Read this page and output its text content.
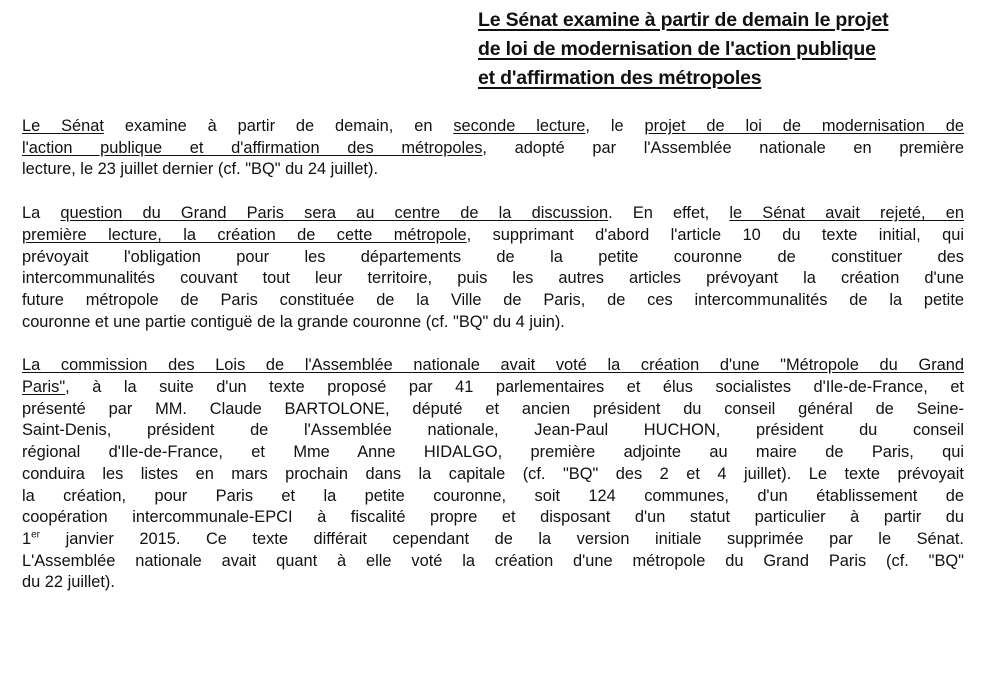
Le Sénat examine à partir de demain le projet
de loi de modernisation de l'action publique
et d'affirmation des métropoles

Le Sénat examine à partir de demain, en seconde lecture, le projet de loi de modernisation de
l'action publique et d'affirmation des métropoles, adopté par l'Assemblée nationale en première
lecture, le 23 juillet dernier (cf. "BQ" du 24 juillet).

La question du Grand Paris sera au centre de la discussion. En effet, le Sénat avait rejeté, en
première lecture, la création de cette métropole, supprimant d'abord l'article 10 du texte initial, qui
prévoyait l'obligation pour les départements de la petite couronne de constituer des
intercommunalités couvant tout leur territoire, puis les autres articles prévoyant la création d'une
future métropole de Paris constituée de la Ville de Paris, de ces intercommunalités de la petite
couronne et une partie contiguë de la grande couronne (cf. "BQ" du 4 juin).

La commission des Lois de l'Assemblée nationale avait voté la création d'une "Métropole du Grand
Paris", à la suite d'un texte proposé par 41 parlementaires et élus socialistes d'Ile-de-France, et
présenté par MM. Claude BARTOLONE, député et ancien président du conseil général de Seine-
Saint-Denis, président de l'Assemblée nationale, Jean-Paul HUCHON, président du conseil
régional d'Ile-de-France, et Mme Anne HIDALGO, première adjointe au maire de Paris, qui
conduira les listes en mars prochain dans la capitale (cf. "BQ" des 2 et 4 juillet). Le texte prévoyait
la création, pour Paris et la petite couronne, soit 124 communes, d'un établissement de
coopération intercommunale-EPCI à fiscalité propre et disposant d'un statut particulier à partir du
1er janvier 2015. Ce texte différait cependant de la version initiale supprimée par le Sénat.
L'Assemblée nationale avait quant à elle voté la création d'une métropole du Grand Paris (cf. "BQ"
du 22 juillet).
